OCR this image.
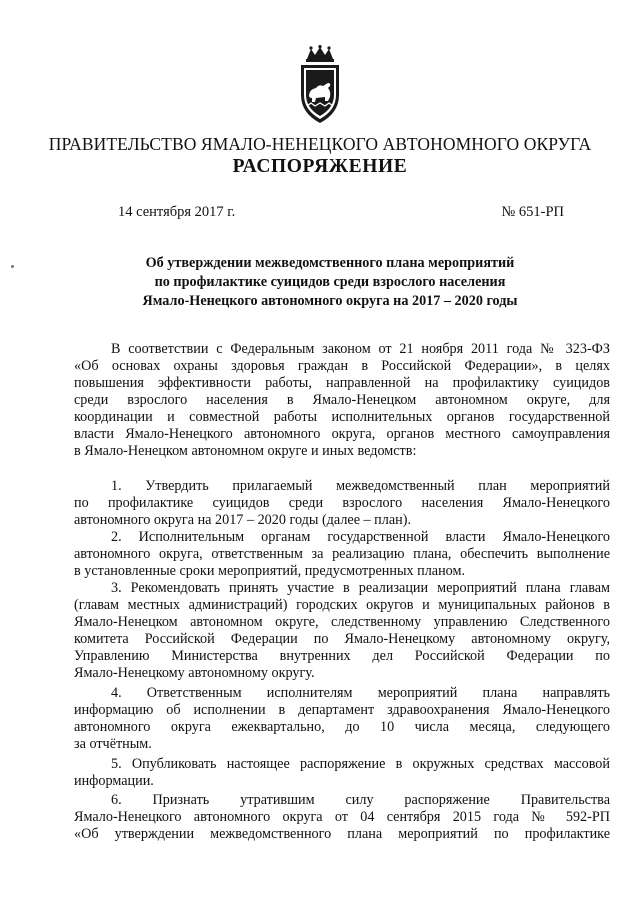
ПРАВИТЕЛЬСТВО ЯМАЛО-НЕНЕЦКОГО АВТОНОМНОГО ОКРУГА
РАСПОРЯЖЕНИЕ
14 сентября 2017 г.	№ 651-РП
Об утверждении межведомственного плана мероприятий
по профилактике суицидов среди взрослого населения
Ямало-Ненецкого автономного округа на 2017 – 2020 годы
В соответствии с Федеральным законом от 21 ноября 2011 года № 323-ФЗ
«Об основах охраны здоровья граждан в Российской Федерации», в целях
повышения эффективности работы, направленной на профилактику суицидов
среди взрослого населения в Ямало-Ненецком автономном округе, для
координации и совместной работы исполнительных органов государственной
власти Ямало-Ненецкого автономного округа, органов местного самоуправления
в Ямало-Ненецком автономном округе и иных ведомств:
1. Утвердить прилагаемый межведомственный план мероприятий
по профилактике суицидов среди взрослого населения Ямало-Ненецкого
автономного округа на 2017 – 2020 годы (далее – план).
2. Исполнительным органам государственной власти Ямало-Ненецкого
автономного округа, ответственным за реализацию плана, обеспечить выполнение
в установленные сроки мероприятий, предусмотренных планом.
3. Рекомендовать принять участие в реализации мероприятий плана главам
(главам местных администраций) городских округов и муниципальных районов в
Ямало-Ненецком автономном округе, следственному управлению Следственного
комитета Российской Федерации по Ямало-Ненецкому автономному округу,
Управлению Министерства внутренних дел Российской Федерации по
Ямало-Ненецкому автономному округу.
4. Ответственным исполнителям мероприятий плана направлять
информацию об исполнении в департамент здравоохранения Ямало-Ненецкого
автономного округа ежеквартально, до 10 числа месяца, следующего
за отчётным.
5. Опубликовать настоящее распоряжение в окружных средствах массовой
информации.
6. Признать утратившим силу распоряжение Правительства
Ямало-Ненецкого автономного округа от 04 сентября 2015 года № 592-РП
«Об утверждении межведомственного плана мероприятий по профилактике
